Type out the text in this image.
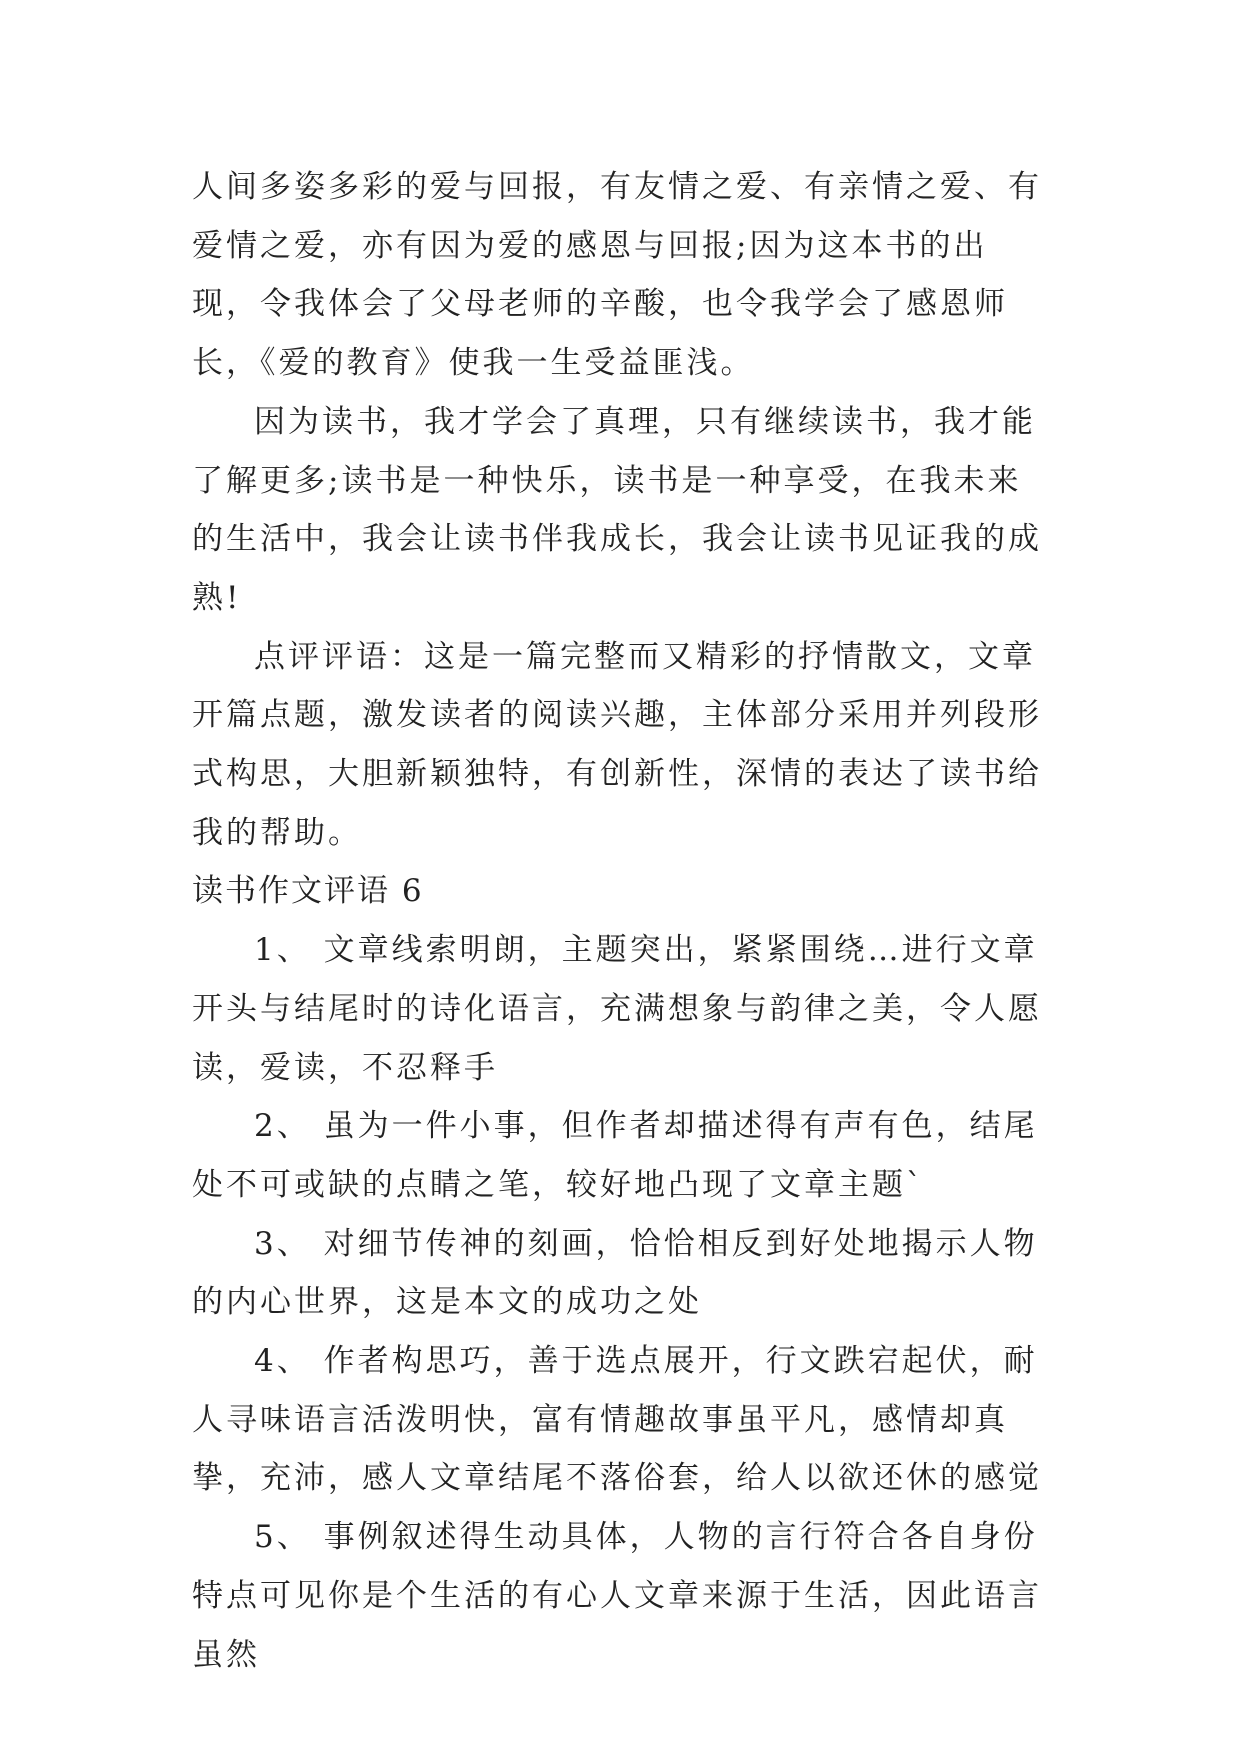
人间多姿多彩的爱与回报，有友情之爱、有亲情之爱、有爱情之爱，亦有因为爱的感恩与回报;因为这本书的出现，令我体会了父母老师的辛酸，也令我学会了感恩师长，《爱的教育》使我一生受益匪浅。

因为读书，我才学会了真理，只有继续读书，我才能了解更多;读书是一种快乐，读书是一种享受，在我未来的生活中，我会让读书伴我成长，我会让读书见证我的成熟!

点评评语：这是一篇完整而又精彩的抒情散文，文章开篇点题，激发读者的阅读兴趣，主体部分采用并列段形式构思，大胆新颖独特，有创新性，深情的表达了读书给我的帮助。

读书作文评语 6

1、 文章线索明朗，主题突出，紧紧围绕…进行文章开头与结尾时的诗化语言，充满想象与韵律之美，令人愿读，爱读，不忍释手

2、 虽为一件小事，但作者却描述得有声有色，结尾处不可或缺的点睛之笔，较好地凸现了文章主题`

3、 对细节传神的刻画，恰恰相反到好处地揭示人物的内心世界，这是本文的成功之处

4、 作者构思巧，善于选点展开，行文跌宕起伏，耐人寻味语言活泼明快，富有情趣故事虽平凡，感情却真挚，充沛，感人文章结尾不落俗套，给人以欲还休的感觉

5、 事例叙述得生动具体，人物的言行符合各自身份特点可见你是个生活的有心人文章来源于生活，因此语言虽然
